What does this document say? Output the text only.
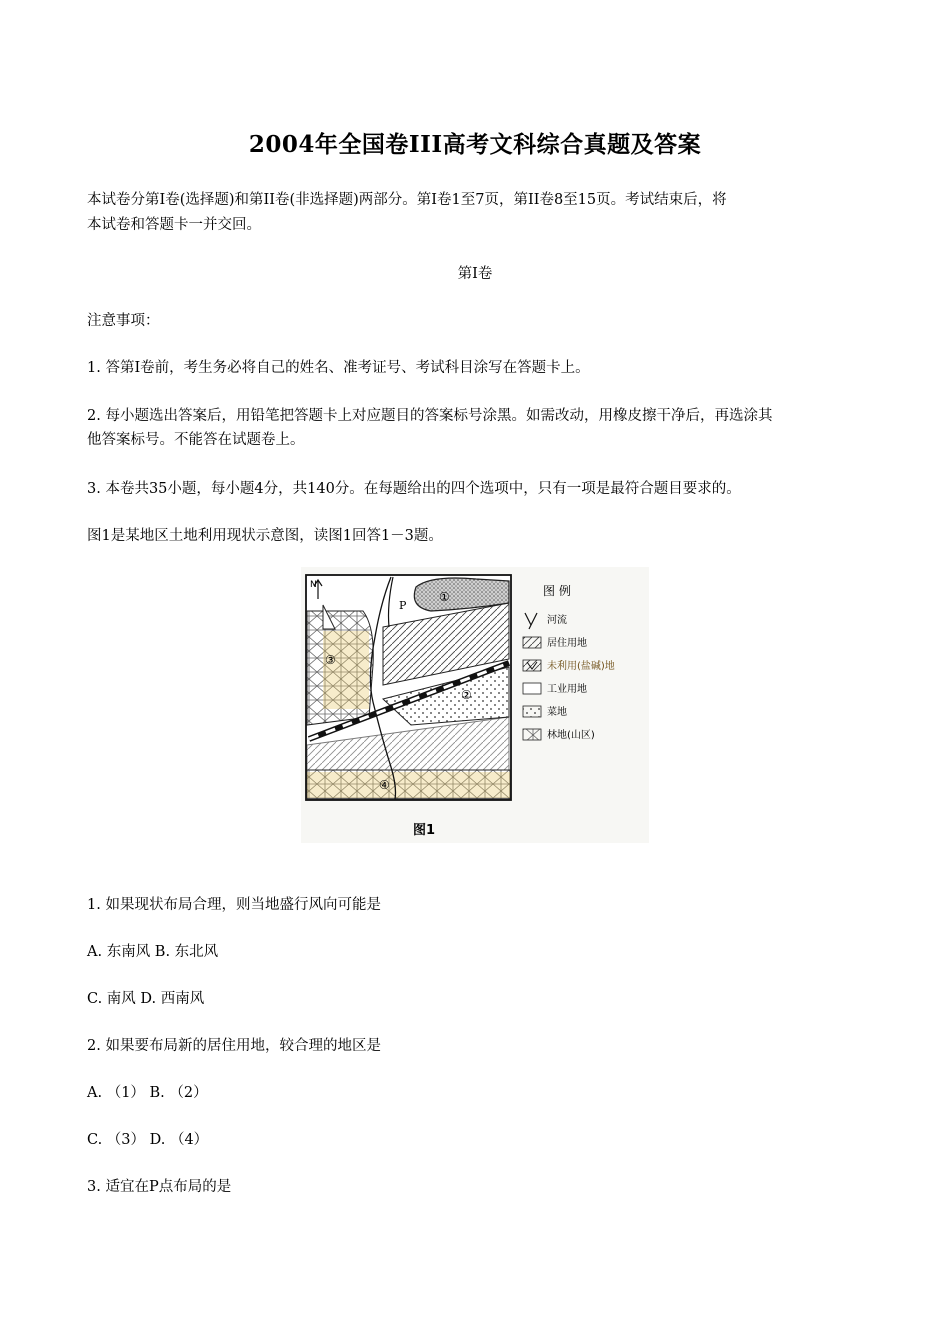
2004年全国卷III高考文科综合真题及答案
本试卷分第Ⅰ卷(选择题)和第II卷(非选择题)两部分。第Ⅰ卷1至7页，第II卷8至15页。考试结束后，将
本试卷和答题卡一并交回。
第Ⅰ卷
注意事项：
1. 答第Ⅰ卷前，考生务必将自己的姓名、准考证号、考试科目涂写在答题卡上。
2. 每小题选出答案后，用铅笔把答题卡上对应题目的答案标号涂黑。如需改动，用橡皮擦干净后，再选涂其
他答案标号。不能答在试题卷上。
3. 本卷共35小题，每小题4分，共140分。在每题给出的四个选项中，只有一项是最符合题目要求的。
图1是某地区土地利用现状示意图，读图1回答1－3题。
N
①
②
③
④
P
图 例
河流
居住用地
未利用(盐碱)地
工业用地
菜地
林地(山区)
图1
1. 如果现状布局合理，则当地盛行风向可能是
A. 东南风 B. 东北风
C. 南风 D. 西南风
2. 如果要布局新的居住用地，较合理的地区是
A. （1） B. （2）
C. （3） D. （4）
3. 适宜在P点布局的是
